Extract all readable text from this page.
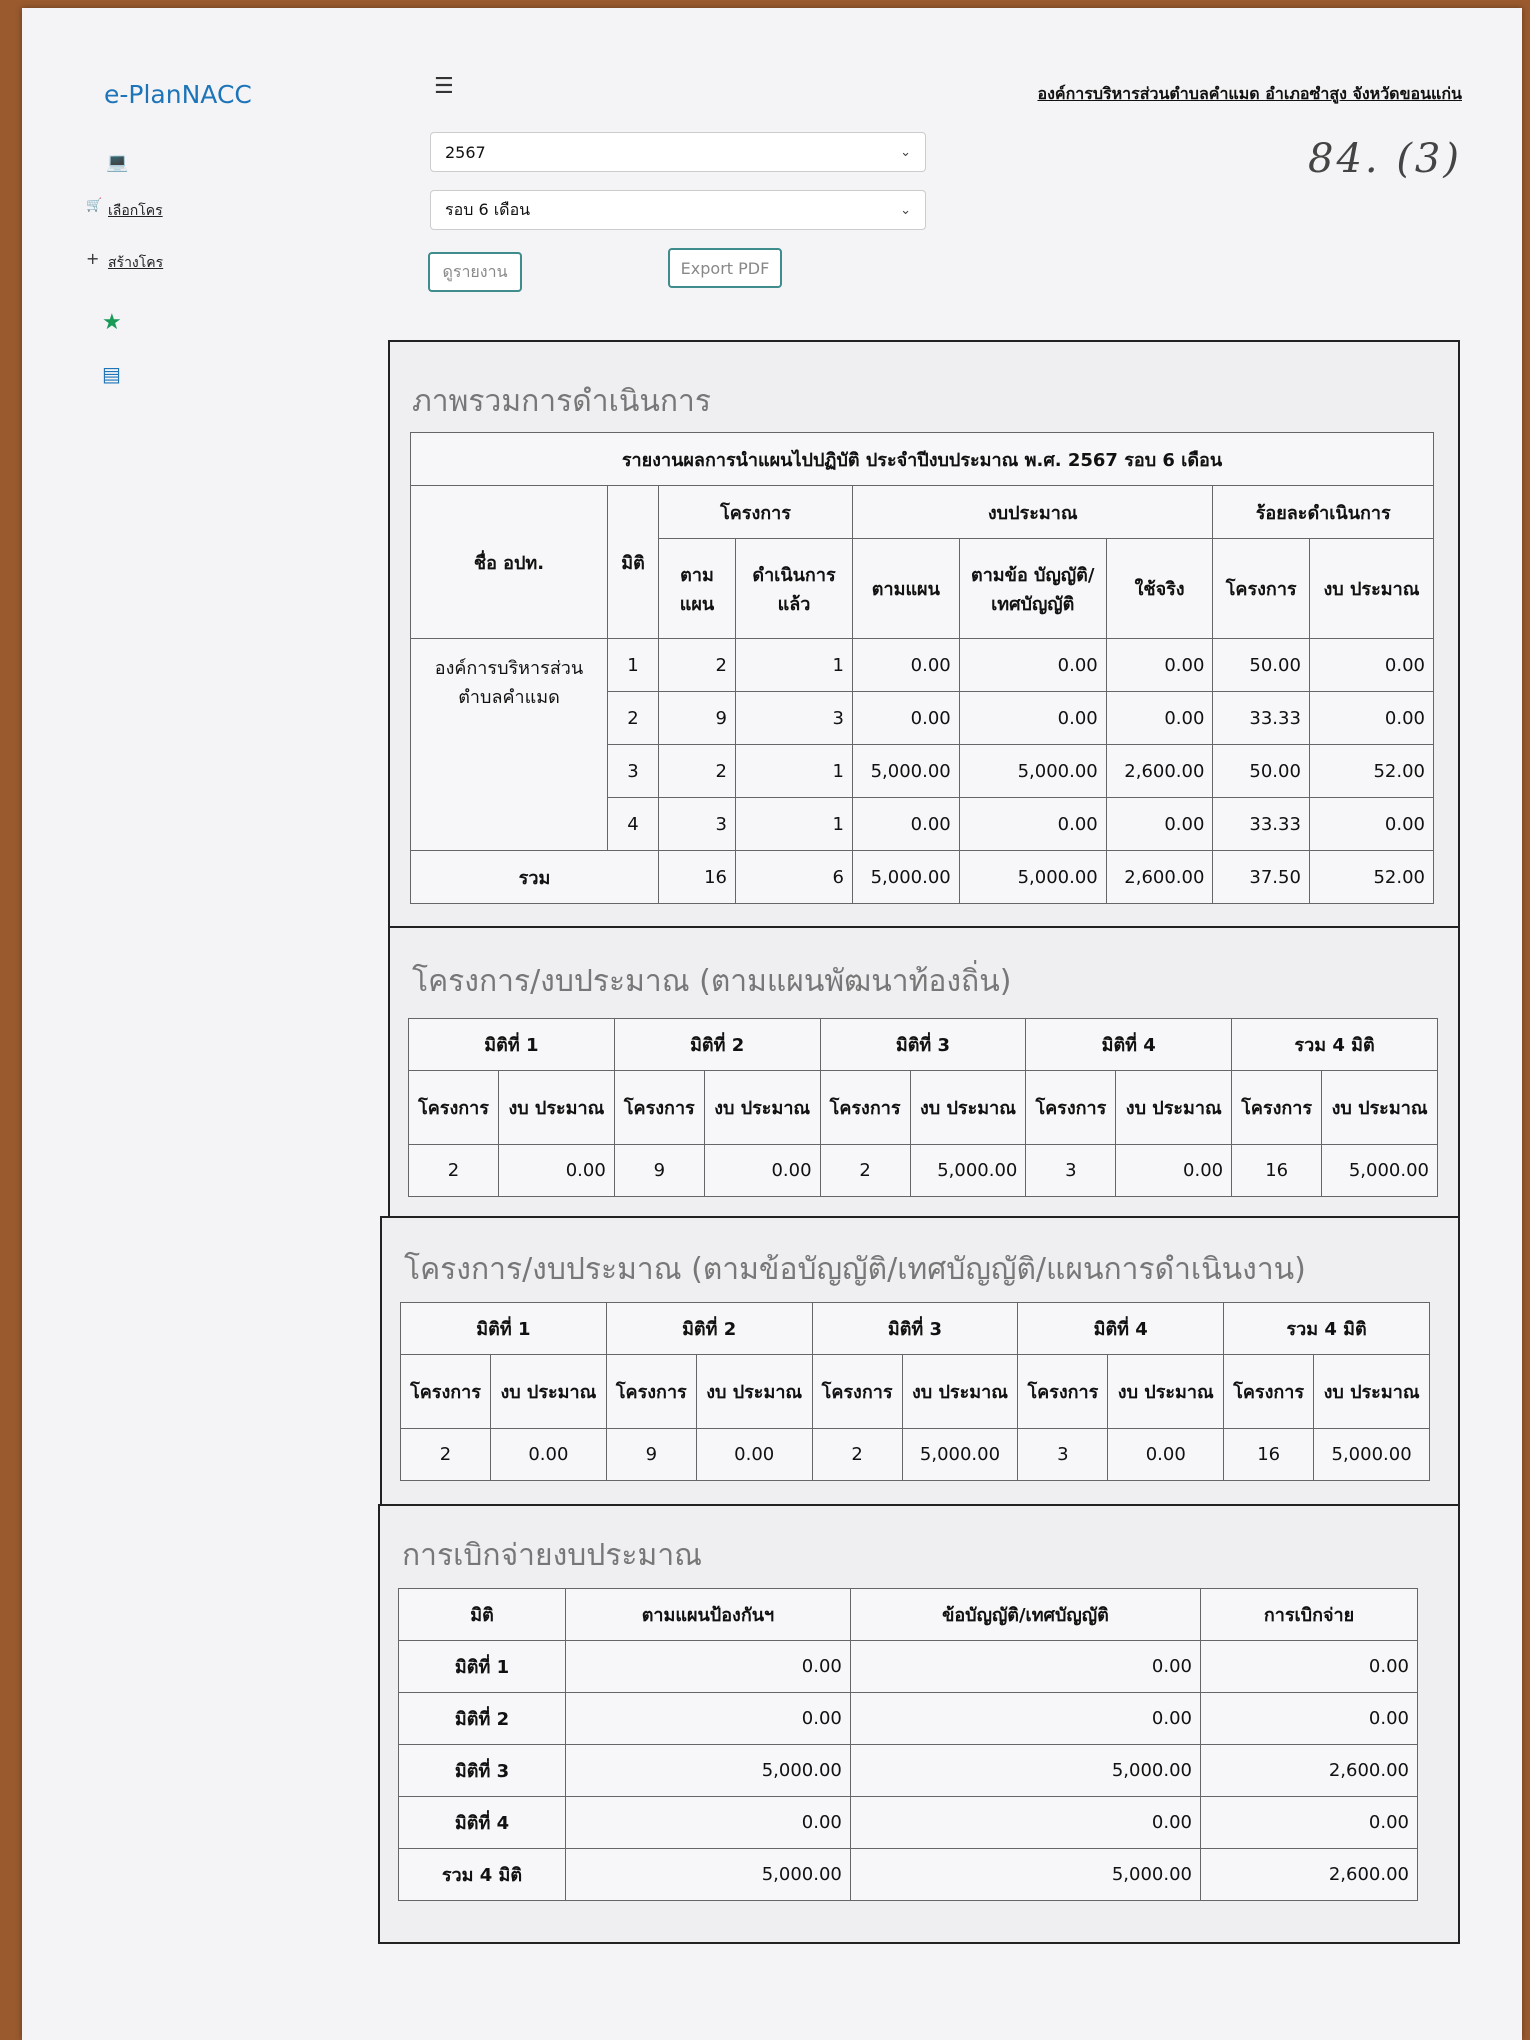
e-PlanNACC	☰	องค์การบริหารส่วนตำบลคำแมด อำเภอซำสูง จังหวัดขอนแก่น
84. (3)
💻
🛒 เลือกโคร
+ สร้างโคร
★
▤
2567	⌄
รอบ 6 เดือน	⌄
ดูรายงาน	Export PDF
ภาพรวมการดำเนินการ
รายงานผลการนำแผนไปปฏิบัติ ประจำปีงบประมาณ พ.ศ. 2567 รอบ 6 เดือน								
ชื่อ อปท.	มิติ	โครงการ		งบประมาณ			ร้อยละดำเนินการ	
		ตาม แผน	ดำเนินการ แล้ว	ตามแผน	ตามข้อ บัญญัติ/ เทศบัญญัติ	ใช้จริง	โครงการ	งบ ประมาณ
องค์การบริหารส่วนตำบลคำแมด	1	2	1	0.00	0.00	0.00	50.00	0.00
	2	9	3	0.00	0.00	0.00	33.33	0.00
	3	2	1	5,000.00	5,000.00	2,600.00	50.00	52.00
	4	3	1	0.00	0.00	0.00	33.33	0.00
รวม		16	6	5,000.00	5,000.00	2,600.00	37.50	52.00
โครงการ/งบประมาณ (ตามแผนพัฒนาท้องถิ่น)
มิติที่ 1		มิติที่ 2		มิติที่ 3		มิติที่ 4		รวม 4 มิติ	
โครงการ	งบ ประมาณ	โครงการ	งบ ประมาณ	โครงการ	งบ ประมาณ	โครงการ	งบ ประมาณ	โครงการ	งบ ประมาณ
2	0.00	9	0.00	2	5,000.00	3	0.00	16	5,000.00
โครงการ/งบประมาณ (ตามข้อบัญญัติ/เทศบัญญัติ/แผนการดำเนินงาน)
มิติที่ 1		มิติที่ 2		มิติที่ 3		มิติที่ 4		รวม 4 มิติ	
โครงการ	งบ ประมาณ	โครงการ	งบ ประมาณ	โครงการ	งบ ประมาณ	โครงการ	งบ ประมาณ	โครงการ	งบ ประมาณ
2	0.00	9	0.00	2	5,000.00	3	0.00	16	5,000.00
การเบิกจ่ายงบประมาณ
มิติ	ตามแผนป้องกันฯ	ข้อบัญญัติ/เทศบัญญัติ	การเบิกจ่าย
มิติที่ 1	0.00	0.00	0.00
มิติที่ 2	0.00	0.00	0.00
มิติที่ 3	5,000.00	5,000.00	2,600.00
มิติที่ 4	0.00	0.00	0.00
รวม 4 มิติ	5,000.00	5,000.00	2,600.00
